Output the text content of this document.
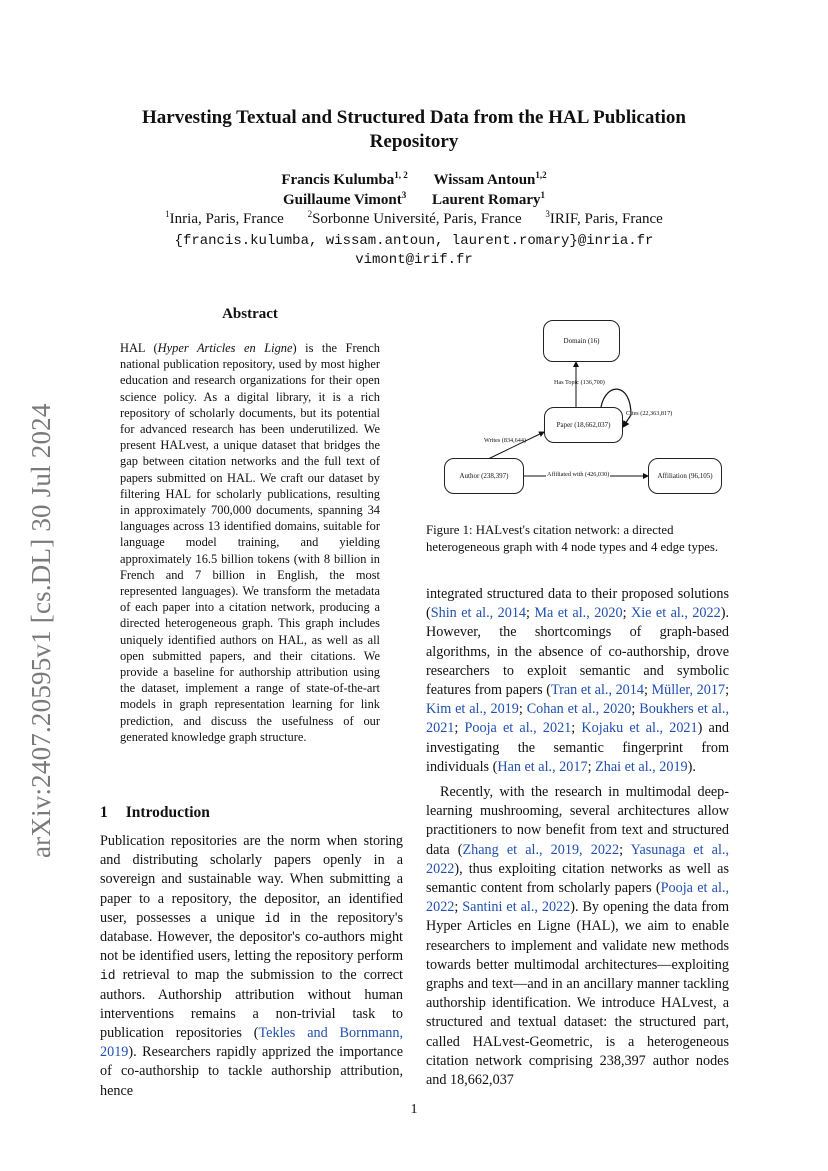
arXiv:2407.20595v1 [cs.DL] 30 Jul 2024
Harvesting Textual and Structured Data from the HAL Publication Repository
Francis Kulumba$^{1, 2}$ Wissam Antoun$^{1,2}$
Guillaume Vimont$^3$ Laurent Romary$^1$
$^1$Inria, Paris, France	$^2$Sorbonne Université, Paris, France	$^3$IRIF, Paris, France
{francis.kulumba, wissam.antoun, laurent.romary}@inria.fr
vimont@irif.fr
Abstract
HAL (Hyper Articles en Ligne) is the French national publication repository, used by most higher education and research organizations for their open science policy. As a digital library, it is a rich repository of scholarly documents, but its potential for advanced research has been underutilized. We present HALvest, a unique dataset that bridges the gap between citation networks and the full text of papers submitted on HAL. We craft our dataset by filtering HAL for scholarly publications, resulting in approximately 700,000 documents, spanning 34 languages across 13 identified domains, suitable for language model training, and yielding approximately 16.5 billion tokens (with 8 billion in French and 7 billion in English, the most represented languages). We transform the metadata of each paper into a citation network, producing a directed heterogeneous graph. This graph includes uniquely identified authors on HAL, as well as all open submitted papers, and their citations. We provide a baseline for authorship attribution using the dataset, implement a range of state-of-the-art models in graph representation learning for link prediction, and discuss the usefulness of our generated knowledge graph structure.
1 Introduction

Publication repositories are the norm when storing and distributing scholarly papers openly in a sovereign and sustainable way. When submitting a paper to a repository, the depositor, an identified user, possesses a unique id in the repository's database. However, the depositor's co-authors might not be identified users, letting the repository perform id retrieval to map the submission to the correct authors. Authorship attribution without human interventions remains a non-trivial task to publication repositories (Tekles and Bornmann, 2019). Researchers rapidly apprized the importance of co-authorship to tackle authorship attribution, hence

Domain (16)
Paper (18,662,037)
Author (238,397)	Affiliation (96,105)
Has Topic (136,700)
Cites (22,363,817)
Writes (834,644)
Affiliated with (426,030)
Figure 1: HALvest's citation network: a directed heterogeneous graph with 4 node types and 4 edge types.

integrated structured data to their proposed solutions (Shin et al., 2014; Ma et al., 2020; Xie et al., 2022). However, the shortcomings of graph-based algorithms, in the absence of co-authorship, drove researchers to exploit semantic and symbolic features from papers (Tran et al., 2014; Müller, 2017; Kim et al., 2019; Cohan et al., 2020; Boukhers et al., 2021; Pooja et al., 2021; Kojaku et al., 2021) and investigating the semantic fingerprint from individuals (Han et al., 2017; Zhai et al., 2019).

Recently, with the research in multimodal deep-learning mushrooming, several architectures allow practitioners to now benefit from text and structured data (Zhang et al., 2019, 2022; Yasunaga et al., 2022), thus exploiting citation networks as well as semantic content from scholarly papers (Pooja et al., 2022; Santini et al., 2022). By opening the data from Hyper Articles en Ligne (HAL), we aim to enable researchers to implement and validate new methods towards better multimodal architectures—exploiting graphs and text—and in an ancillary manner tackling authorship identification. We introduce HALvest, a structured and textual dataset: the structured part, called HALvest-Geometric, is a heterogeneous citation network comprising 238,397 author nodes and 18,662,037

1
